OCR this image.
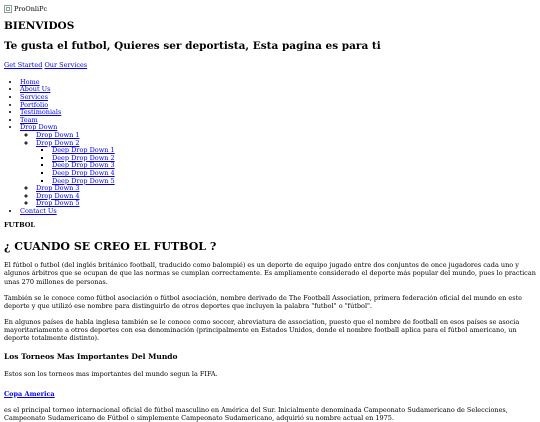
ProOnliPc
BIENVIDOS
Te gusta el futbol, Quieres ser deportista, Esta pagina es para ti
Get Started Our Services
• Home
• About Us
• Services
• Portfolio
• Testimonials
• Team
• Drop Down
◦ Drop Down 1
◦ Drop Down 2
▪ Deep Drop Down 1
▪ Deep Drop Down 2
▪ Deep Drop Down 3
▪ Deep Drop Down 4
▪ Deep Drop Down 5
◦ Drop Down 3
◦ Drop Down 4
◦ Drop Down 5
• Contact Us
FUTBOL
¿ CUANDO SE CREO EL FUTBOL ?

El fútbol o futbol (del inglés británico football, traducido como balompié) es un deporte de equipo jugado entre dos conjuntos de once jugadores cada uno y algunos árbitros que se ocupan de que las normas se cumplan correctamente. Es ampliamente considerado el deporte más popular del mundo, pues lo practican unas 270 millones de personas.

También se le conoce como fútbol asociación o fútbol asociación, nombre derivado de The Football Association, primera federación oficial del mundo en este deporte y que utilizó ese nombre para distinguirlo de otros deportes que incluyen la palabra "futbol" o "fútbol".

En algunos países de habla inglesa también se le conoce como soccer, abreviatura de association, puesto que el nombre de football en esos países se asocia mayoritariamente a otros deportes con esa denominación (principalmente en Estados Unidos, donde el nombre football aplica para el fútbol americano, un deporte totalmente distinto).

Los Torneos Mas Importantes Del Mundo

Estos son los torneos mas importantes del mundo segun la FIFA.

Copa America

es el principal torneo internacional oficial de fútbol masculino en América del Sur. Inicialmente denominada Campeonato Sudamericano de Selecciones, Campeonato Sudamericano de Fútbol o simplemente Campeonato Sudamericano, adquirió su nombre actual en 1975.
